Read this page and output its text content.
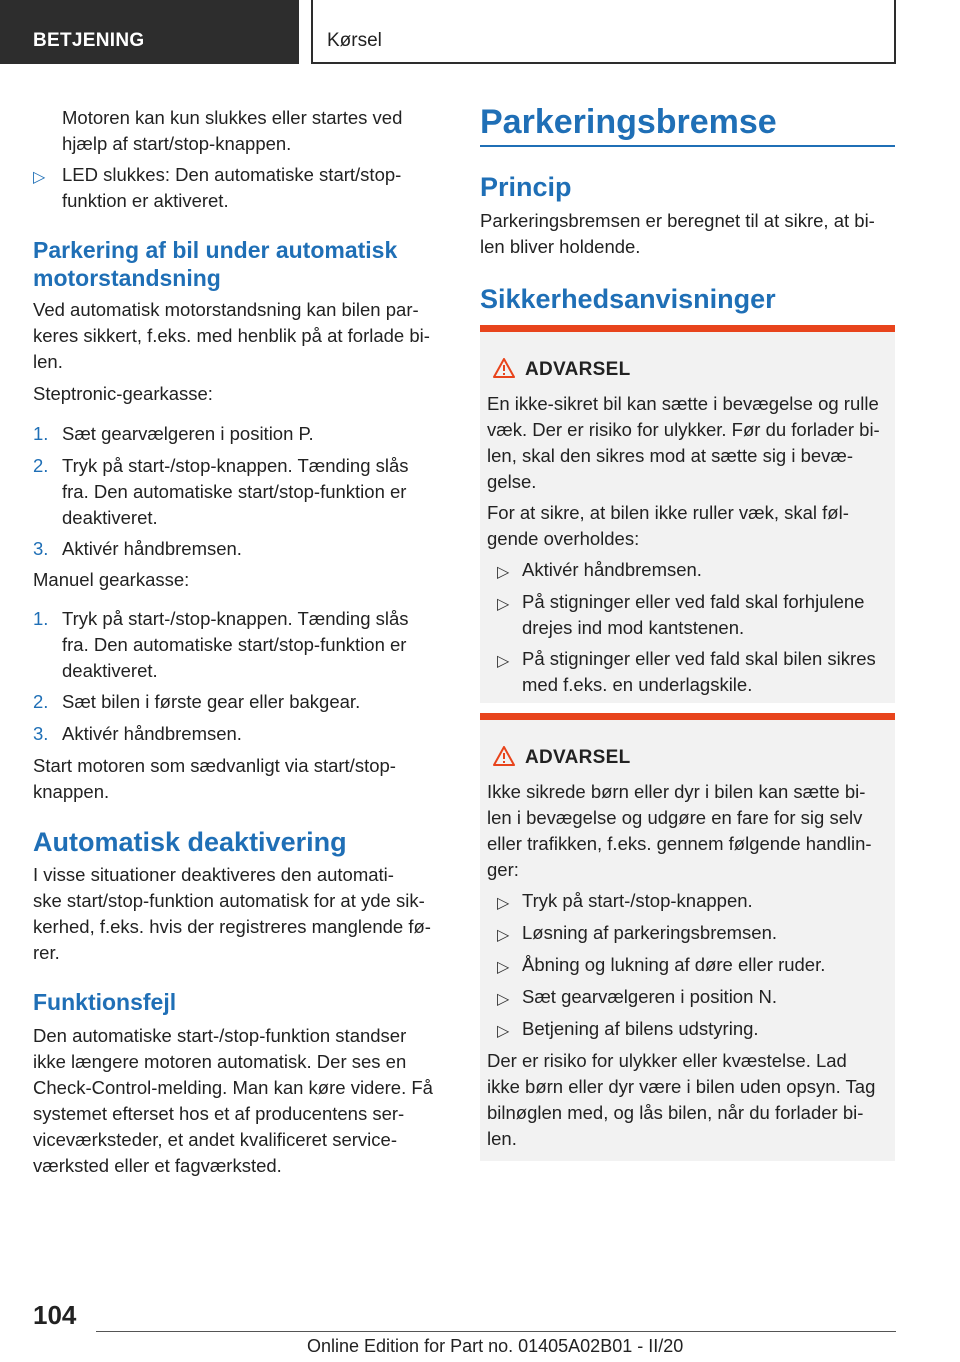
BETJENING	Kørsel
Motoren kan kun slukkes eller startes ved
hjælp af start/stop-knappen.
▷ LED slukkes: Den automatiske start/stop-
funktion er aktiveret.
Parkering af bil under automatisk
motorstandsning
Ved automatisk motorstandsning kan bilen par-
keres sikkert, f.eks. med henblik på at forlade bi-
len.
Steptronic-gearkasse:
1. Sæt gearvælgeren i position P.
2. Tryk på start-/stop-knappen. Tænding slås
fra. Den automatiske start/stop-funktion er
deaktiveret.
3. Aktivér håndbremsen.
Manuel gearkasse:
1. Tryk på start-/stop-knappen. Tænding slås
fra. Den automatiske start/stop-funktion er
deaktiveret.
2. Sæt bilen i første gear eller bakgear.
3. Aktivér håndbremsen.
Start motoren som sædvanligt via start/stop-
knappen.
Automatisk deaktivering
I visse situationer deaktiveres den automati-
ske start/stop-funktion automatisk for at yde sik-
kerhed, f.eks. hvis der registreres manglende fø-
rer.
Funktionsfejl
Den automatiske start-/stop-funktion standser
ikke længere motoren automatisk. Der ses en
Check-Control-melding. Man kan køre videre. Få
systemet efterset hos et af producentens ser-
viceværksteder, et andet kvalificeret service-
værksted eller et fagværksted.
Parkeringsbremse
Princip
Parkeringsbremsen er beregnet til at sikre, at bi-
len bliver holdende.
Sikkerhedsanvisninger
ADVARSEL
En ikke-sikret bil kan sætte i bevægelse og rulle
væk. Der er risiko for ulykker. Før du forlader bi-
len, skal den sikres mod at sætte sig i bevæ-
gelse.
For at sikre, at bilen ikke ruller væk, skal føl-
gende overholdes:
▷ Aktivér håndbremsen.
▷ På stigninger eller ved fald skal forhjulene
drejes ind mod kantstenen.
▷ På stigninger eller ved fald skal bilen sikres
med f.eks. en underlagskile.
ADVARSEL
Ikke sikrede børn eller dyr i bilen kan sætte bi-
len i bevægelse og udgøre en fare for sig selv
eller trafikken, f.eks. gennem følgende handlin-
ger:
▷ Tryk på start-/stop-knappen.
▷ Løsning af parkeringsbremsen.
▷ Åbning og lukning af døre eller ruder.
▷ Sæt gearvælgeren i position N.
▷ Betjening af bilens udstyring.
Der er risiko for ulykker eller kvæstelse. Lad
ikke børn eller dyr være i bilen uden opsyn. Tag
bilnøglen med, og lås bilen, når du forlader bi-
len.
104
Online Edition for Part no. 01405A02B01 - II/20
